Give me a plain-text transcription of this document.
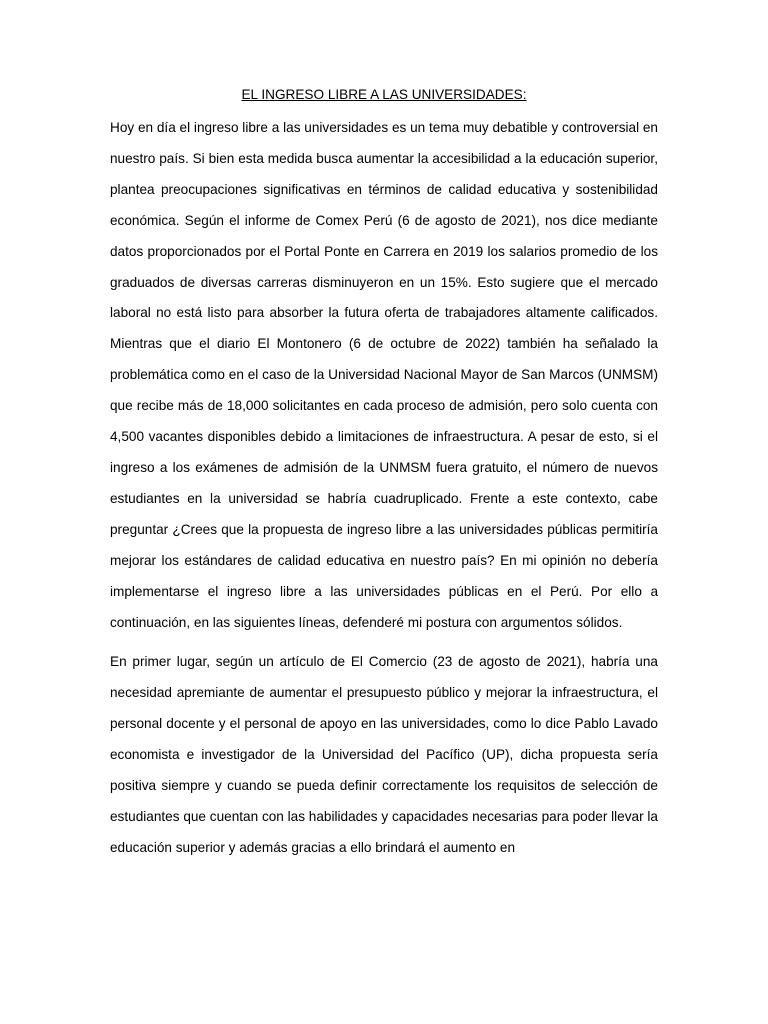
EL INGRESO LIBRE A LAS UNIVERSIDADES:

Hoy en día el ingreso libre a las universidades es un tema muy debatible y controversial en nuestro país. Si bien esta medida busca aumentar la accesibilidad a la educación superior, plantea preocupaciones significativas en términos de calidad educativa y sostenibilidad económica. Según el informe de Comex Perú (6 de agosto de 2021), nos dice mediante datos proporcionados por el Portal Ponte en Carrera en 2019 los salarios promedio de los graduados de diversas carreras disminuyeron en un 15%. Esto sugiere que el mercado laboral no está listo para absorber la futura oferta de trabajadores altamente calificados. Mientras que el diario El Montonero (6 de octubre de 2022) también ha señalado la problemática como en el caso de la Universidad Nacional Mayor de San Marcos (UNMSM) que recibe más de 18,000 solicitantes en cada proceso de admisión, pero solo cuenta con 4,500 vacantes disponibles debido a limitaciones de infraestructura. A pesar de esto, si el ingreso a los exámenes de admisión de la UNMSM fuera gratuito, el número de nuevos estudiantes en la universidad se habría cuadruplicado. Frente a este contexto, cabe preguntar ¿Crees que la propuesta de ingreso libre a las universidades públicas permitiría mejorar los estándares de calidad educativa en nuestro país? En mi opinión no debería implementarse el ingreso libre a las universidades públicas en el Perú. Por ello a continuación, en las siguientes líneas, defenderé mi postura con argumentos sólidos.

En primer lugar, según un artículo de El Comercio (23 de agosto de 2021), habría una necesidad apremiante de aumentar el presupuesto público y mejorar la infraestructura, el personal docente y el personal de apoyo en las universidades, como lo dice Pablo Lavado economista e investigador de la Universidad del Pacífico (UP), dicha propuesta sería positiva siempre y cuando se pueda definir correctamente los requisitos de selección de estudiantes que cuentan con las habilidades y capacidades necesarias para poder llevar la educación superior y además gracias a ello brindará el aumento en
